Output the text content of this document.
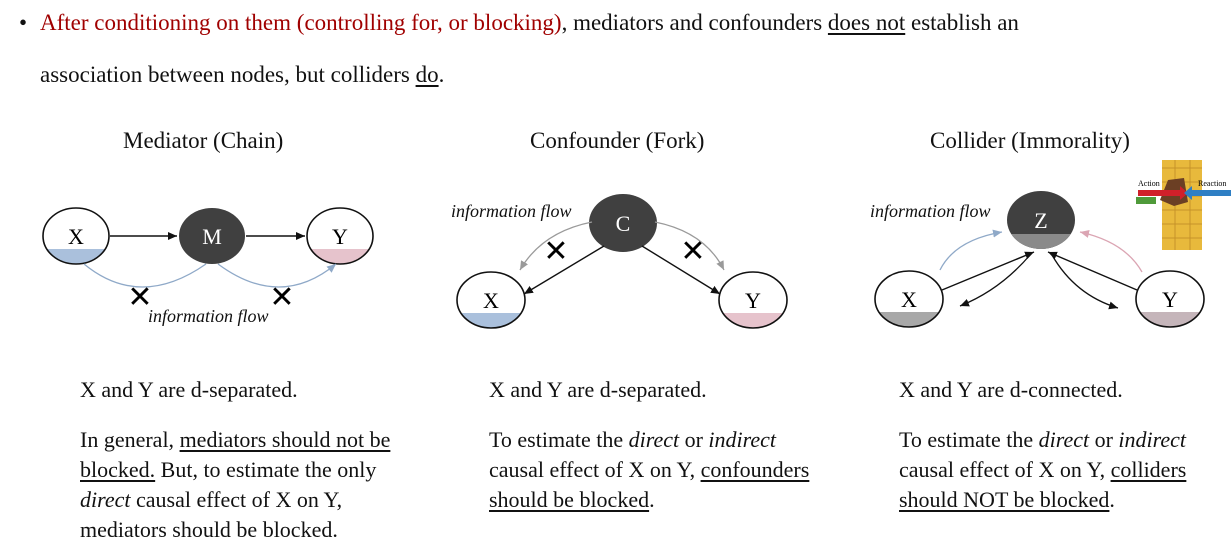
• After conditioning on them (controlling for, or blocking), mediators and confounders does not establish an
association between nodes, but colliders do.
Mediator (Chain)	Confounder (Fork)	Collider (Immorality)
X	M	Y
✕	✕
C
X	Y
✕	✕
Z
X	Y
Action	Reaction
information flow
information flow	information flow
X and Y are d-separated.	X and Y are d-separated.	X and Y are d-connected.
In general, mediators should not be blocked. But, to estimate the only direct causal effect of X on Y, mediators should be blocked.
To estimate the direct or indirect causal effect of X on Y, confounders should be blocked.
To estimate the direct or indirect causal effect of X on Y, colliders should NOT be blocked.
